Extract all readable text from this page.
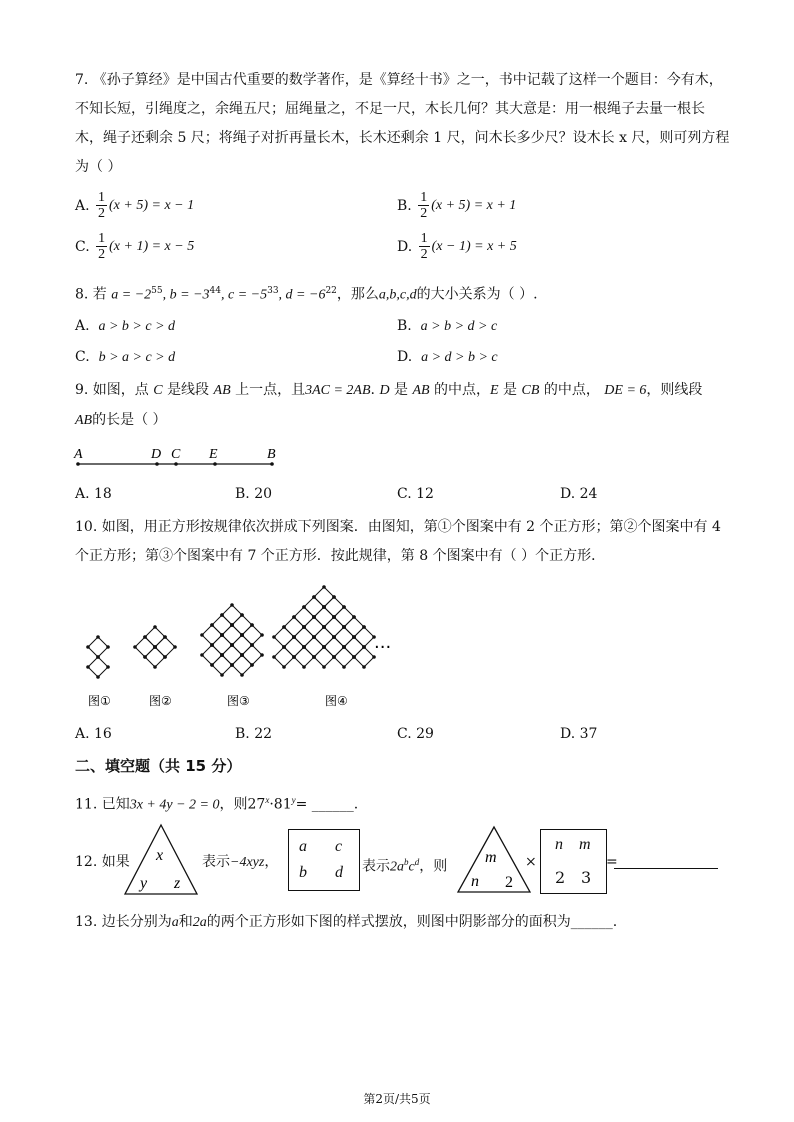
7. 《孙子算经》是中国古代重要的数学著作，是《算经十书》之一，书中记载了这样一个题目：今有木，
不知长短，引绳度之，余绳五尺；屈绳量之，不足一尺，木长几何？其大意是：用一根绳子去量一根长
木，绳子还剩余 5 尺；将绳子对折再量长木，长木还剩余 1 尺，问木长多少尺？设木长 x 尺，则可列方程
为（ ）
A.
$\frac{1}{2} (x + 5) = x - 1$	B.
$\frac{1}{2} (x + 5) = x + 1$
C.
$\frac{1}{2} (x + 1) = x - 5$	D.
$\frac{1}{2} (x - 1) = x + 5$
8. 若 $a = -2^{55}$, $b = -3^{44}$, $c = -5^{33}$, $d = -6^{22}$，那么a,b,c,d的大小关系为（ ）.
A. a > b > c > d	B. a > b > d > c
C. b > a > c > d	D. a > d > b > c
9. 如图，点 C 是线段 AB 上一点，且3AC = 2AB. D 是 AB 的中点，E 是 CB 的中点， DE = 6，则线段
AB的长是（ ）
A	D C E	B
A. 18	B. 20	C. 12	D. 24
10. 如图，用正方形按规律依次拼成下列图案．由图知，第①个图案中有 2 个正方形；第②个图案中有 4
个正方形；第③个图案中有 7 个正方形．按此规律，第 8 个图案中有（ ）个正方形．
···
图①	图②	图③	图④
A. 16	B. 22	C. 29	D. 37
二、填空题（共 15 分）
11. 已知3x + 4y − 2 = 0，则$27^x\cdot 81^y=$ ______.
12. 如果 x
y z
表示−4xyz，
a c
b d 表示$2a^bc^d$，则
m
n 2
×
n m
2 3
=
13. 边长分别为a和2a的两个正方形如下图的样式摆放，则图中阴影部分的面积为______.
第2页/共5页
